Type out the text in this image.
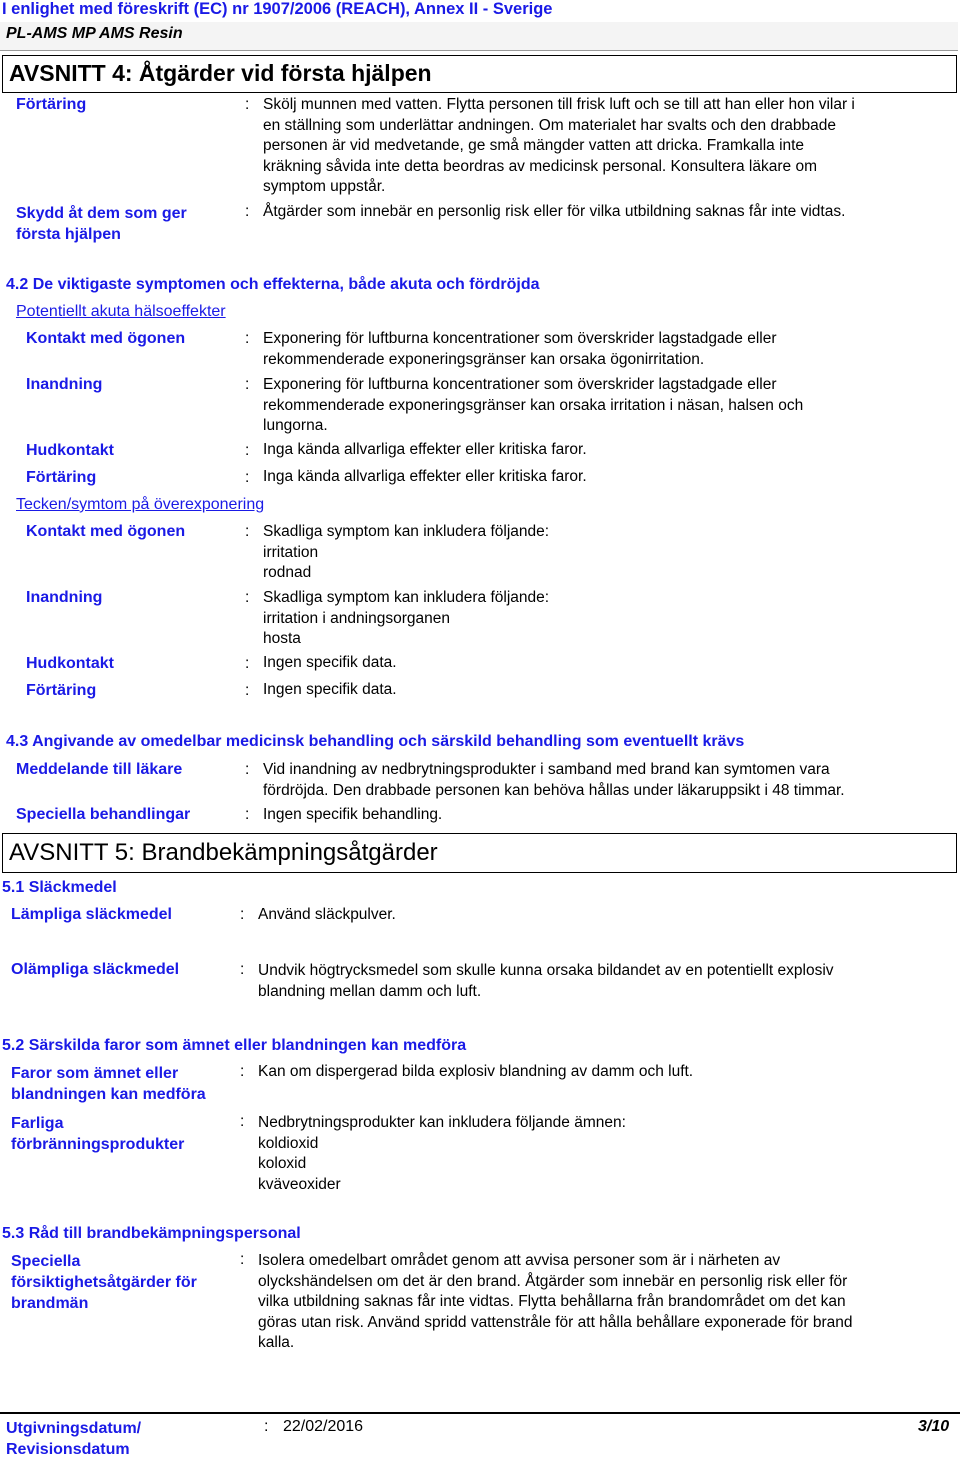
I enlighet med föreskrift (EC) nr 1907/2006 (REACH), Annex II - Sverige
PL-AMS MP AMS Resin
AVSNITT 4: Åtgärder vid första hjälpen
Förtäring	: Skölj munnen med vatten. Flytta personen till frisk luft och se till att han eller hon vilar i
en ställning som underlättar andningen. Om materialet har svalts och den drabbade
personen är vid medvetande, ge små mängder vatten att dricka. Framkalla inte
kräkning såvida inte detta beordras av medicinsk personal. Konsultera läkare om
symptom uppstår.
Skydd åt dem som ger
första hjälpen
: Åtgärder som innebär en personlig risk eller för vilka utbildning saknas får inte vidtas.
4.2 De viktigaste symptomen och effekterna, både akuta och fördröjda
Potentiellt akuta hälsoeffekter
Kontakt med ögonen	: Exponering för luftburna koncentrationer som överskrider lagstadgade eller
rekommenderade exponeringsgränser kan orsaka ögonirritation.
Inandning	: Exponering för luftburna koncentrationer som överskrider lagstadgade eller
rekommenderade exponeringsgränser kan orsaka irritation i näsan, halsen och
lungorna.
Hudkontakt	: Inga kända allvarliga effekter eller kritiska faror.
Förtäring	: Inga kända allvarliga effekter eller kritiska faror.
Tecken/symtom på överexponering
Kontakt med ögonen	: Skadliga symptom kan inkludera följande:
irritation
rodnad
Inandning	: Skadliga symptom kan inkludera följande:
irritation i andningsorganen
hosta
Hudkontakt	: Ingen specifik data.
Förtäring	: Ingen specifik data.
4.3 Angivande av omedelbar medicinsk behandling och särskild behandling som eventuellt krävs
Meddelande till läkare	: Vid inandning av nedbrytningsprodukter i samband med brand kan symtomen vara
fördröjda. Den drabbade personen kan behöva hållas under läkaruppsikt i 48 timmar.
Speciella behandlingar	: Ingen specifik behandling.
AVSNITT 5: Brandbekämpningsåtgärder
5.1 Släckmedel
Lämpliga släckmedel	: Använd släckpulver.
Olämpliga släckmedel	: Undvik högtrycksmedel som skulle kunna orsaka bildandet av en potentiellt explosiv
blandning mellan damm och luft.
5.2 Särskilda faror som ämnet eller blandningen kan medföra
Faror som ämnet eller
blandningen kan medföra
: Kan om dispergerad bilda explosiv blandning av damm och luft.
Farliga
förbränningsprodukter
: Nedbrytningsprodukter kan inkludera följande ämnen:
koldioxid
koloxid
kväveoxider
5.3 Råd till brandbekämpningspersonal
Speciella
försiktighetsåtgärder för
brandmän
: Isolera omedelbart området genom att avvisa personer som är i närheten av
olyckshändelsen om det är den brand. Åtgärder som innebär en personlig risk eller för
vilka utbildning saknas får inte vidtas. Flytta behållarna från brandområdet om det kan
göras utan risk. Använd spridd vattenstråle för att hålla behållare exponerade för brand
kalla.
Utgivningsdatum/
Revisionsdatum
: 22/02/2016	3/10
